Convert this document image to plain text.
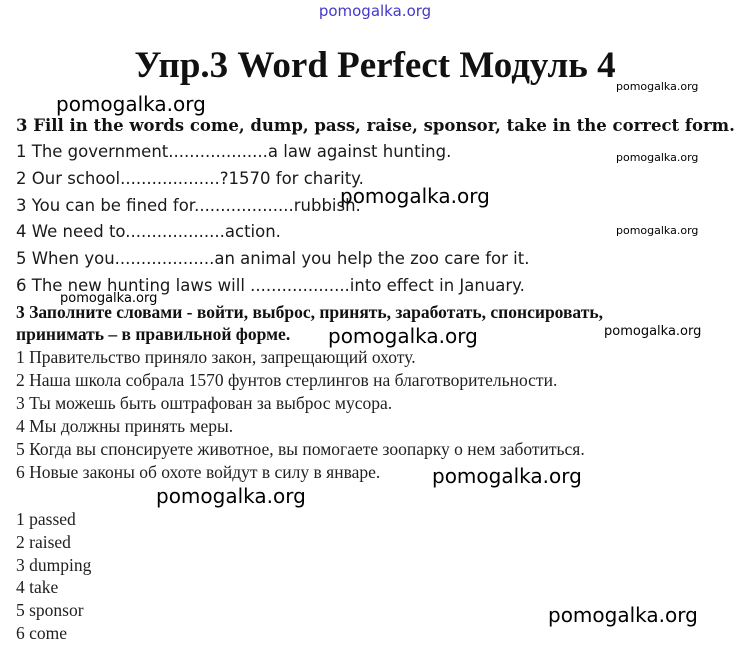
pomogalka.org
Упр.3 Word Perfect Модуль 4
pomogalka.org
pomogalka.org
pomogalka.org
pomogalka.org
pomogalka.org
pomogalka.org
pomogalka.org	pomogalka.org
pomogalka.org
pomogalka.org
pomogalka.org
3 Fill in the words come, dump, pass, raise, sponsor, take in the correct form.
1 The government...................a law against hunting.
2 Our school...................?1570 for charity.
3 You can be fined for...................rubbish.
4 We need to...................action.
5 When you...................an animal you help the zoo care for it.
6 The new hunting laws will ...................into effect in January.
3 Заполните словами - войти, выброс, принять, заработать, спонсировать,
принимать – в правильной форме.
1 Правительство приняло закон, запрещающий охоту.
2 Наша школа собрала 1570 фунтов стерлингов на благотворительности.
3 Ты можешь быть оштрафован за выброс мусора.
4 Мы должны принять меры.
5 Когда вы спонсируете животное, вы помогаете зоопарку о нем заботиться.
6 Новые законы об охоте войдут в силу в январе.
1 passed
2 raised
3 dumping
4 take
5 sponsor
6 come
